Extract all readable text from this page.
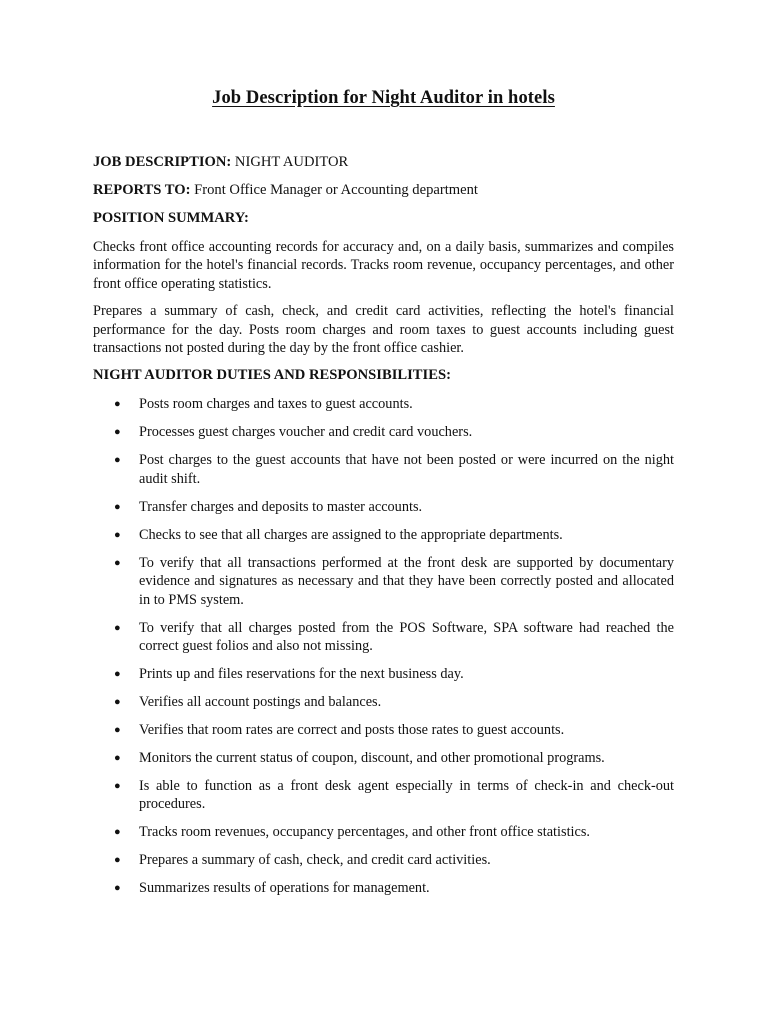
Job Description for Night Auditor in hotels

JOB DESCRIPTION: NIGHT AUDITOR

REPORTS TO: Front Office Manager or Accounting department

POSITION SUMMARY:

Checks front office accounting records for accuracy and, on a daily basis, summarizes and compiles information for the hotel's financial records. Tracks room revenue, occupancy percentages, and other front office operating statistics.

Prepares a summary of cash, check, and credit card activities, reflecting the hotel's financial performance for the day. Posts room charges and room taxes to guest accounts including guest transactions not posted during the day by the front office cashier.

NIGHT AUDITOR DUTIES AND RESPONSIBILITIES:
● Posts room charges and taxes to guest accounts.
● Processes guest charges voucher and credit card vouchers.
● Post charges to the guest accounts that have not been posted or were incurred on the night audit shift.
● Transfer charges and deposits to master accounts.
● Checks to see that all charges are assigned to the appropriate departments.
● To verify that all transactions performed at the front desk are supported by documentary evidence and signatures as necessary and that they have been correctly posted and allocated in to PMS system.
● To verify that all charges posted from the POS Software, SPA software had reached the correct guest folios and also not missing.
● Prints up and files reservations for the next business day.
● Verifies all account postings and balances.
● Verifies that room rates are correct and posts those rates to guest accounts.
● Monitors the current status of coupon, discount, and other promotional programs.
● Is able to function as a front desk agent especially in terms of check-in and check-out procedures.
● Tracks room revenues, occupancy percentages, and other front office statistics.
● Prepares a summary of cash, check, and credit card activities.
● Summarizes results of operations for management.
